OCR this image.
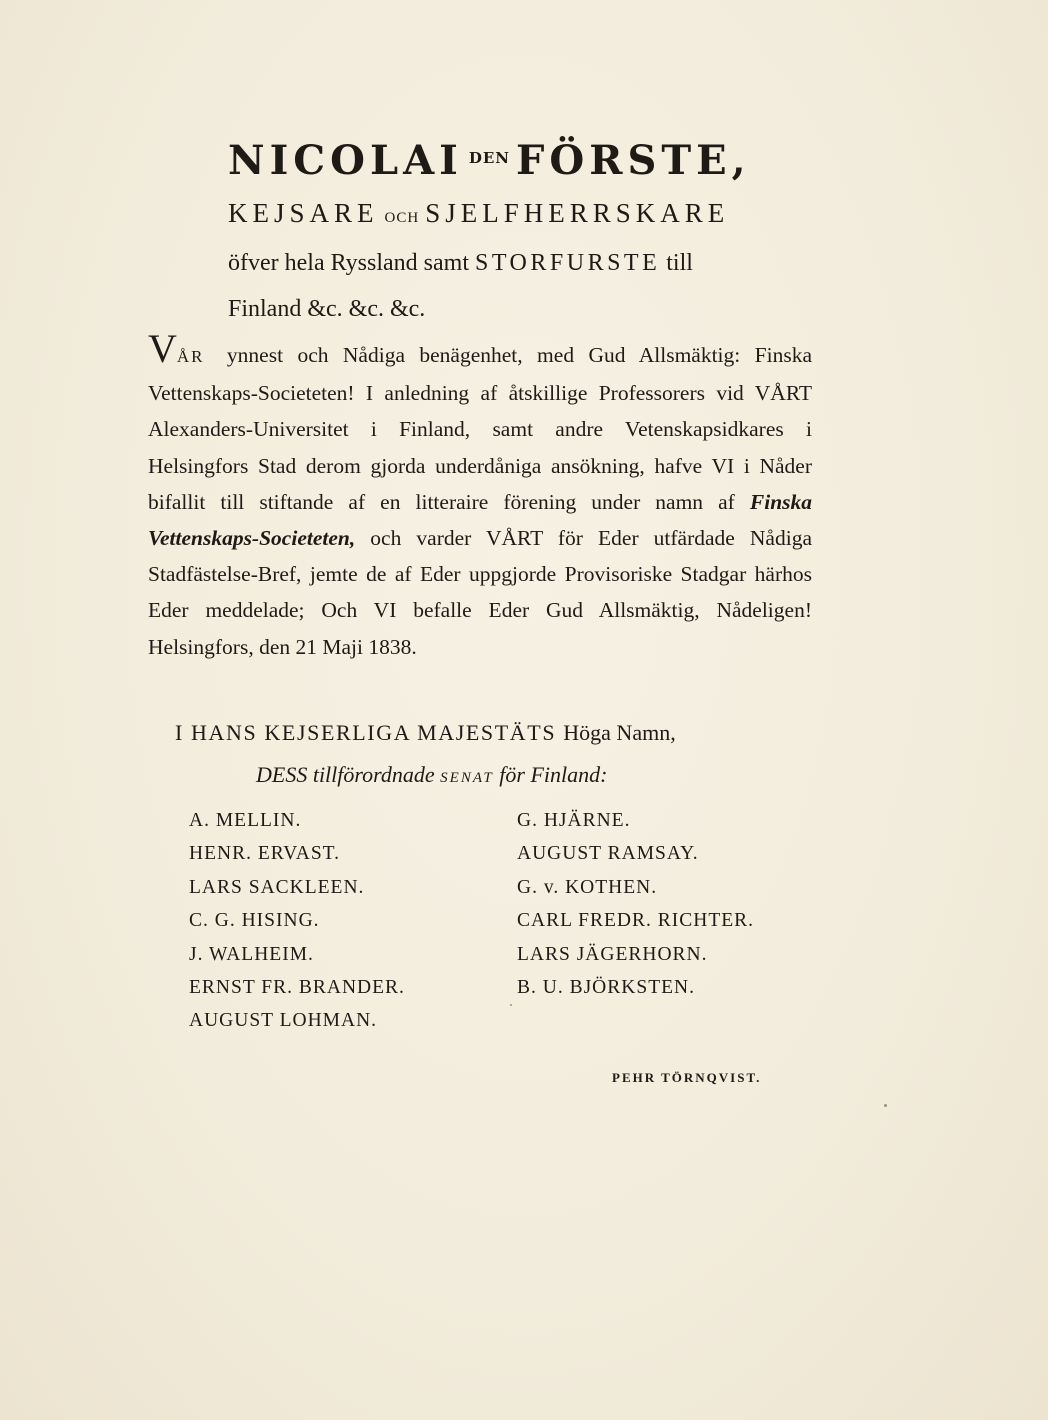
NICOLAI DEN FÖRSTE,
KEJSARE OCH SJELFHERRSKARE
öfver hela Ryssland samt STORFURSTE till
Finland &c. &c. &c.

VÅR ynnest och Nådiga benägenhet, med Gud Allsmäktig: Finska Vettenskaps-Societeten! I anledning af åtskillige Professorers vid VÅRT Alexanders-Universitet i Finland, samt andre Vetenskapsidkares i Helsingfors Stad derom gjorda underdåniga ansökning, hafve VI i Nåder bifallit till stiftande af en litteraire förening under namn af Finska Vettenskaps-Societeten, och varder VÅRT för Eder utfärdade Nådiga Stadfästelse-Bref, jemte de af Eder uppgjorde Provisoriske Stadgar härhos Eder meddelade; Och VI befalle Eder Gud Allsmäktig, Nådeligen! Helsingfors, den 21 Maji 1838.

I HANS KEJSERLIGA MAJESTÄTS Höga Namn,
DESS tillförordnade SENAT för Finland:
A. MELLIN.
HENR. ERVAST.
LARS SACKLEEN.
C. G. HISING.
J. WALHEIM.
ERNST FR. BRANDER.
AUGUST LOHMAN.
G. HJÄRNE.
AUGUST RAMSAY.
G. v. KOTHEN.
CARL FREDR. RICHTER.
LARS JÄGERHORN.
B. U. BJÖRKSTEN.
PEHR TÖRNQVIST.
